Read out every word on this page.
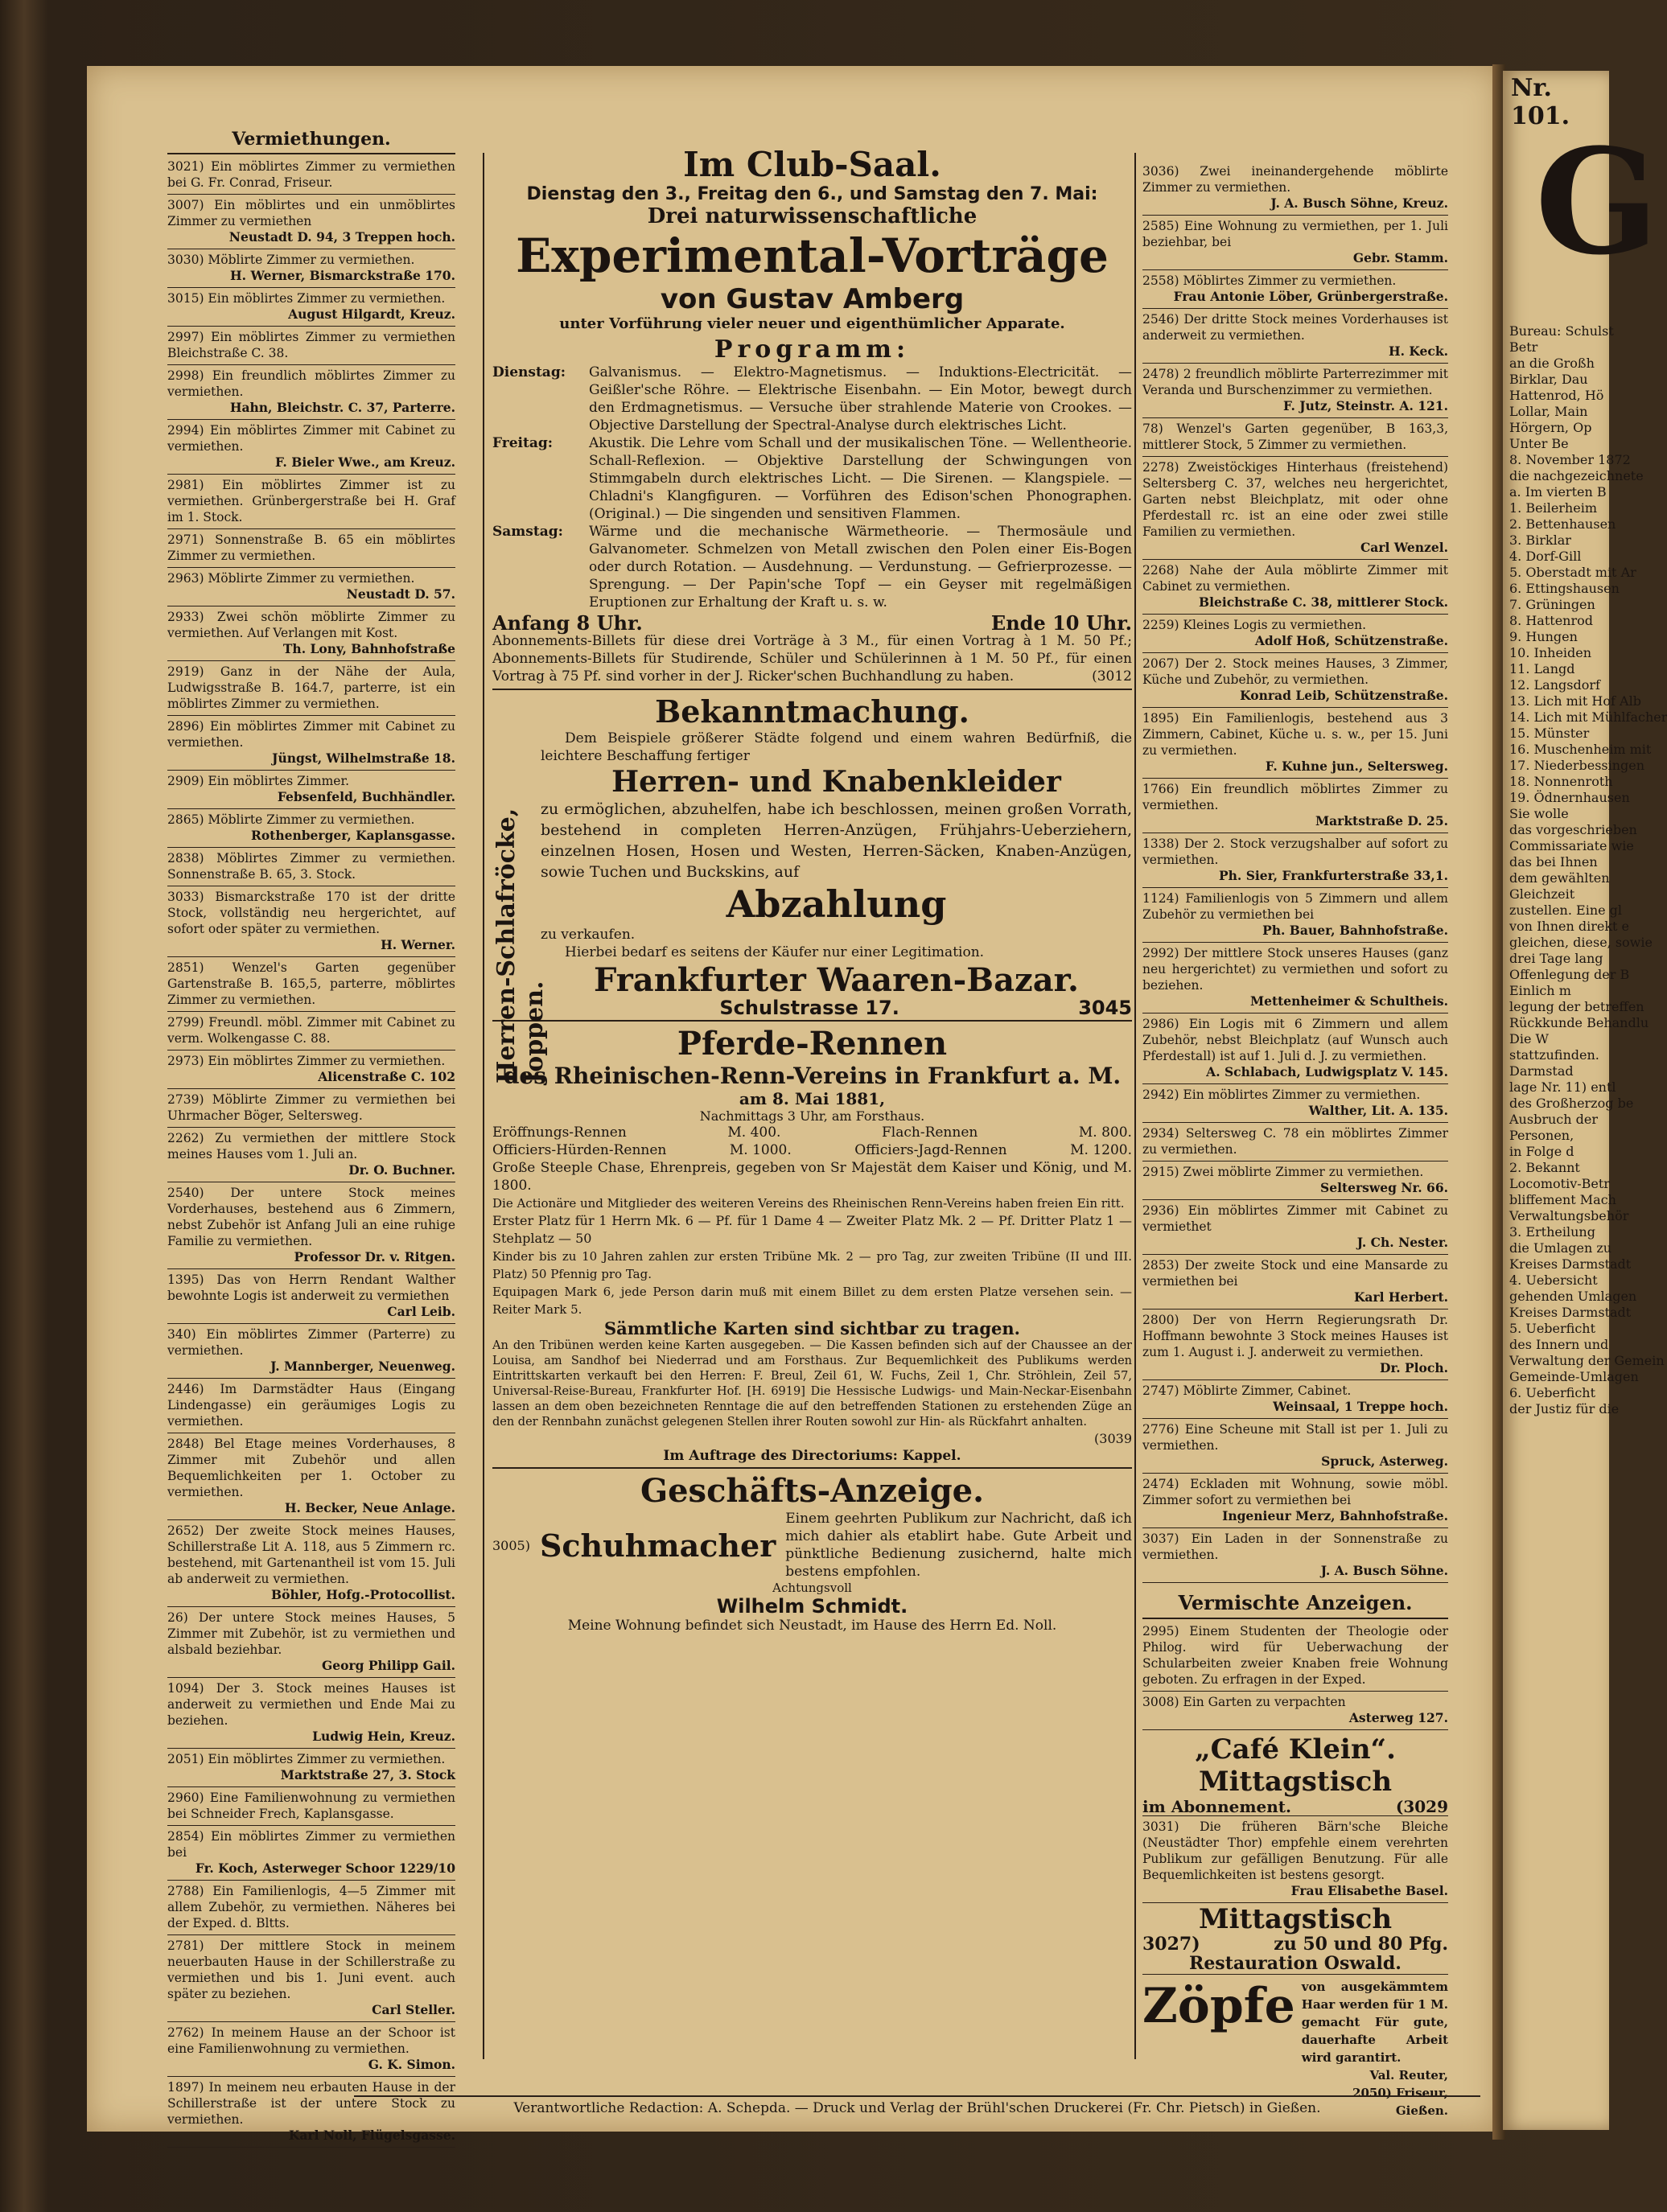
Nr. 101.
G
Bureau: Schulst
Betr
an die Großh
Birklar, Dau
Hattenrod, Hö
Lollar, Main
Hörgern, Op
Unter Be
8. November 1872
die nachgezeichnete
a. Im vierten B
1. Beilerheim
2. Bettenhausen
3. Birklar
4. Dorf-Gill
5. Oberstadt mit Ar
6. Ettingshausen
7. Grüningen
8. Hattenrod
9. Hungen
10. Inheiden
11. Langd
12. Langsdorf
13. Lich mit Hof Alb
14. Lich mit Mühlfacher
15. Münster
16. Muschenheim mit
17. Niederbessingen
18. Nonnenroth
19. Ödnernhausen
Sie wolle
das vorgeschrieben
Commissariate wie
das bei Ihnen
dem gewählten
Gleichzeit
zustellen. Eine gl
von Ihnen direkt e
gleichen, diese, sowie
drei Tage lang
Offenlegung der B
Einlich m
legung der betreffen
Rückkunde Behandlu
Die W
stattzufinden.
Darmstad
lage Nr. 11) entl
des Großherzog be
Ausbruch der
Personen,
in Folge d
2. Bekannt
Locomotiv-Betr
bliffement Mach
Verwaltungsbehör
3. Ertheilung
die Umlagen zu
Kreises Darmstadt
4. Uebersicht
gehenden Umlagen
Kreises Darmstadt
5. Ueberficht
des Innern und
Verwaltung der Gemein
Gemeinde-Umlagen
6. Ueberficht
der Justiz für die
Vermiethungen.
3021) Ein möblirtes Zimmer zu vermiethen bei G. Fr. Conrad, Friseur.
3007) Ein möblirtes und ein unmöblirtes Zimmer zu vermiethen
Neustadt D. 94, 3 Treppen hoch.
3030) Möblirte Zimmer zu vermiethen.
H. Werner, Bismarckstraße 170.
3015) Ein möblirtes Zimmer zu vermiethen.
August Hilgardt, Kreuz.
2997) Ein möblirtes Zimmer zu vermiethen Bleichstraße C. 38.
2998) Ein freundlich möblirtes Zimmer zu vermiethen.
Hahn, Bleichstr. C. 37, Parterre.
2994) Ein möblirtes Zimmer mit Cabinet zu vermiethen.
F. Bieler Wwe., am Kreuz.
2981) Ein möblirtes Zimmer ist zu vermiethen. Grünbergerstraße bei H. Graf im 1. Stock.
2971) Sonnenstraße B. 65 ein möblirtes Zimmer zu vermiethen.
2963) Möblirte Zimmer zu vermiethen.
Neustadt D. 57.
2933) Zwei schön möblirte Zimmer zu vermiethen. Auf Verlangen mit Kost.
Th. Lony, Bahnhofstraße
2919) Ganz in der Nähe der Aula, Ludwigsstraße B. 164.7, parterre, ist ein möblirtes Zimmer zu vermiethen.
2896) Ein möblirtes Zimmer mit Cabinet zu vermiethen.
Jüngst, Wilhelmstraße 18.
2909) Ein möblirtes Zimmer.
Febsenfeld, Buchhändler.
2865) Möblirte Zimmer zu vermiethen.
Rothenberger, Kaplansgasse.
2838) Möblirtes Zimmer zu vermiethen. Sonnenstraße B. 65, 3. Stock.
3033) Bismarckstraße 170 ist der dritte Stock, vollständig neu hergerichtet, auf sofort oder später zu vermiethen.
H. Werner.
2851) Wenzel's Garten gegenüber Gartenstraße B. 165,5, parterre, möblirtes Zimmer zu vermiethen.
2799) Freundl. möbl. Zimmer mit Cabinet zu verm. Wolkengasse C. 88.
2973) Ein möblirtes Zimmer zu vermiethen.
Alicenstraße C. 102
2739) Möblirte Zimmer zu vermiethen bei Uhrmacher Böger, Seltersweg.
2262) Zu vermiethen der mittlere Stock meines Hauses vom 1. Juli an.
Dr. O. Buchner.
2540) Der untere Stock meines Vorderhauses, bestehend aus 6 Zimmern, nebst Zubehör ist Anfang Juli an eine ruhige Familie zu vermiethen.
Professor Dr. v. Ritgen.
1395) Das von Herrn Rendant Walther bewohnte Logis ist anderweit zu vermiethen
Carl Leib.
340) Ein möblirtes Zimmer (Parterre) zu vermiethen.
J. Mannberger, Neuenweg.
2446) Im Darmstädter Haus (Eingang Lindengasse) ein geräumiges Logis zu vermiethen.
2848) Bel Etage meines Vorderhauses, 8 Zimmer mit Zubehör und allen Bequemlichkeiten per 1. October zu vermiethen.
H. Becker, Neue Anlage.
2652) Der zweite Stock meines Hauses, Schillerstraße Lit A. 118, aus 5 Zimmern rc. bestehend, mit Gartenantheil ist vom 15. Juli ab anderweit zu vermiethen.
Böhler, Hofg.-Protocollist.
26) Der untere Stock meines Hauses, 5 Zimmer mit Zubehör, ist zu vermiethen und alsbald beziehbar.
Georg Philipp Gail.
1094) Der 3. Stock meines Hauses ist anderweit zu vermiethen und Ende Mai zu beziehen.
Ludwig Hein, Kreuz.
2051) Ein möblirtes Zimmer zu vermiethen.
Marktstraße 27, 3. Stock
2960) Eine Familienwohnung zu vermiethen bei Schneider Frech, Kaplansgasse.
2854) Ein möblirtes Zimmer zu vermiethen bei
Fr. Koch, Asterweger Schoor 1229/10
2788) Ein Familienlogis, 4—5 Zimmer mit allem Zubehör, zu vermiethen. Näheres bei der Exped. d. Bltts.
2781) Der mittlere Stock in meinem neuerbauten Hause in der Schillerstraße zu vermiethen und bis 1. Juni event. auch später zu beziehen.
Carl Steller.
2762) In meinem Hause an der Schoor ist eine Familienwohnung zu vermiethen.
G. K. Simon.
1897) In meinem neu erbauten Hause in der Schillerstraße ist der untere Stock zu vermiethen.
Karl Noll, Flügelsgasse.
Im Club-Saal.
Dienstag den 3., Freitag den 6., und Samstag den 7. Mai:
Drei naturwissenschaftliche
Experimental-Vorträge
von Gustav Amberg
unter Vorführung vieler neuer und eigenthümlicher Apparate.
Programm:
Dienstag:	Galvanismus. — Elektro-Magnetismus. — Induktions-Electricität. — Geißler'sche Röhre. — Elektrische Eisenbahn. — Ein Motor, bewegt durch den Erdmagnetismus. — Versuche über strahlende Materie von Crookes. — Objective Darstellung der Spectral-Analyse durch elektrisches Licht.
Freitag:	Akustik. Die Lehre vom Schall und der musikalischen Töne. — Wellentheorie. Schall-Reflexion. — Objektive Darstellung der Schwingungen von Stimmgabeln durch elektrisches Licht. — Die Sirenen. — Klangspiele. — Chladni's Klangfiguren. — Vorführen des Edison'schen Phonographen. (Original.) — Die singenden und sensitiven Flammen.
Samstag:	Wärme und die mechanische Wärmetheorie. — Thermosäule und Galvanometer. Schmelzen von Metall zwischen den Polen einer Eis-Bogen oder durch Rotation. — Ausdehnung. — Verdunstung. — Gefrierprozesse. — Sprengung. — Der Papin'sche Topf — ein Geyser mit regelmäßigen Eruptionen zur Erhaltung der Kraft u. s. w.
Anfang 8 Uhr.	Ende 10 Uhr.
Abonnements-Billets für diese drei Vorträge à 3 M., für einen Vortrag à 1 M. 50 Pf.; Abonnements-Billets für Studirende, Schüler und Schülerinnen à 1 M. 50 Pf., für einen Vortrag à 75 Pf. sind vorher in der J. Ricker'schen Buchhandlung zu haben.	(3012
Bekanntmachung.
Herren-Schlafröcke, Joppen.
Dem Beispiele größerer Städte folgend und einem wahren Bedürfniß, die leichtere Beschaffung fertiger
Herren- und Knabenkleider
zu ermöglichen, abzuhelfen, habe ich beschlossen, meinen großen Vorrath, bestehend in completen Herren-Anzügen, Frühjahrs-Ueberziehern, einzelnen Hosen, Hosen und Westen, Herren-Säcken, Knaben-Anzügen, sowie Tuchen und Buckskins, auf
Abzahlung
zu verkaufen.
Hierbei bedarf es seitens der Käufer nur einer Legitimation.
Frankfurter Waaren-Bazar.
Schulstrasse 17.	3045
Pferde-Rennen
des Rheinischen-Renn-Vereins in Frankfurt a. M.
am 8. Mai 1881,
Nachmittags 3 Uhr, am Forsthaus.
Eröffnungs-Rennen	M. 400.	Flach-Rennen	M. 800.
Officiers-Hürden-Rennen	M. 1000.	Officiers-Jagd-Rennen	M. 1200.
Große Steeple Chase, Ehrenpreis, gegeben von Sr Majestät dem Kaiser und König, und M. 1800.
Die Actionäre und Mitglieder des weiteren Vereins des Rheinischen Renn-Vereins haben freien Ein ritt.
Erster Platz für 1 Herrn Mk. 6 — Pf. für 1 Dame 4 — Zweiter Platz Mk. 2 — Pf. Dritter Platz 1 — Stehplatz — 50
Kinder bis zu 10 Jahren zahlen zur ersten Tribüne Mk. 2 — pro Tag, zur zweiten Tribüne (II und III. Platz) 50 Pfennig pro Tag.
Equipagen Mark 6, jede Person darin muß mit einem Billet zu dem ersten Platze versehen sein. — Reiter Mark 5.
Sämmtliche Karten sind sichtbar zu tragen.
An den Tribünen werden keine Karten ausgegeben. — Die Kassen befinden sich auf der Chaussee an der Louisa, am Sandhof bei Niederrad und am Forsthaus. Zur Bequemlichkeit des Publikums werden Eintrittskarten verkauft bei den Herren: F. Breul, Zeil 61, W. Fuchs, Zeil 1, Chr. Ströhlein, Zeil 57, Universal-Reise-Bureau, Frankfurter Hof. [H. 6919] Die Hessische Ludwigs- und Main-Neckar-Eisenbahn lassen an dem oben bezeichneten Renntage die auf den betreffenden Stationen zu erstehenden Züge an den der Rennbahn zunächst gelegenen Stellen ihrer Routen sowohl zur Hin- als Rückfahrt anhalten.
(3039
Im Auftrage des Directoriums: Kappel.
Geschäfts-Anzeige.
3005) Schuhmacher
Einem geehrten Publikum zur Nachricht, daß ich mich dahier als etablirt habe. Gute Arbeit und pünktliche Bedienung zusichernd, halte mich bestens empfohlen.
Achtungsvoll
Wilhelm Schmidt.
Meine Wohnung befindet sich Neustadt, im Hause des Herrn Ed. Noll.
3036) Zwei ineinandergehende möblirte Zimmer zu vermiethen.
J. A. Busch Söhne, Kreuz.
2585) Eine Wohnung zu vermiethen, per 1. Juli beziehbar, bei
Gebr. Stamm.
2558) Möblirtes Zimmer zu vermiethen.
Frau Antonie Löber, Grünbergerstraße.
2546) Der dritte Stock meines Vorderhauses ist anderweit zu vermiethen.
H. Keck.
2478) 2 freundlich möblirte Parterrezimmer mit Veranda und Burschenzimmer zu vermiethen.
F. Jutz, Steinstr. A. 121.
78) Wenzel's Garten gegenüber, B 163,3, mittlerer Stock, 5 Zimmer zu vermiethen.
2278) Zweistöckiges Hinterhaus (freistehend) Seltersberg C. 37, welches neu hergerichtet, Garten nebst Bleichplatz, mit oder ohne Pferdestall rc. ist an eine oder zwei stille Familien zu vermiethen.
Carl Wenzel.
2268) Nahe der Aula möblirte Zimmer mit Cabinet zu vermiethen.
Bleichstraße C. 38, mittlerer Stock.
2259) Kleines Logis zu vermiethen.
Adolf Hoß, Schützenstraße.
2067) Der 2. Stock meines Hauses, 3 Zimmer, Küche und Zubehör, zu vermiethen.
Konrad Leib, Schützenstraße.
1895) Ein Familienlogis, bestehend aus 3 Zimmern, Cabinet, Küche u. s. w., per 15. Juni zu vermiethen.
F. Kuhne jun., Seltersweg.
1766) Ein freundlich möblirtes Zimmer zu vermiethen.
Marktstraße D. 25.
1338) Der 2. Stock verzugshalber auf sofort zu vermiethen.
Ph. Sier, Frankfurterstraße 33,1.
1124) Familienlogis von 5 Zimmern und allem Zubehör zu vermiethen bei
Ph. Bauer, Bahnhofstraße.
2992) Der mittlere Stock unseres Hauses (ganz neu hergerichtet) zu vermiethen und sofort zu beziehen.
Mettenheimer & Schultheis.
2986) Ein Logis mit 6 Zimmern und allem Zubehör, nebst Bleichplatz (auf Wunsch auch Pferdestall) ist auf 1. Juli d. J. zu vermiethen.
A. Schlabach, Ludwigsplatz V. 145.
2942) Ein möblirtes Zimmer zu vermiethen.
Walther, Lit. A. 135.
2934) Seltersweg C. 78 ein möblirtes Zimmer zu vermiethen.
2915) Zwei möblirte Zimmer zu vermiethen.
Seltersweg Nr. 66.
2936) Ein möblirtes Zimmer mit Cabinet zu vermiethet
J. Ch. Nester.
2853) Der zweite Stock und eine Mansarde zu vermiethen bei
Karl Herbert.
2800) Der von Herrn Regierungsrath Dr. Hoffmann bewohnte 3 Stock meines Hauses ist zum 1. August i. J. anderweit zu vermiethen.
Dr. Ploch.
2747) Möblirte Zimmer, Cabinet.
Weinsaal, 1 Treppe hoch.
2776) Eine Scheune mit Stall ist per 1. Juli zu vermiethen.
Spruck, Asterweg.
2474) Eckladen mit Wohnung, sowie möbl. Zimmer sofort zu vermiethen bei
Ingenieur Merz, Bahnhofstraße.
3037) Ein Laden in der Sonnenstraße zu vermiethen.
J. A. Busch Söhne.
Vermischte Anzeigen.
2995) Einem Studenten der Theologie oder Philog. wird für Ueberwachung der Schularbeiten zweier Knaben freie Wohnung geboten. Zu erfragen in der Exped.
3008) Ein Garten zu verpachten
Asterweg 127.
„Café Klein“.
Mittagstisch
im Abonnement.	(3029
3031) Die früheren Bärn'sche Bleiche (Neustädter Thor) empfehle einem verehrten Publikum zur gefälligen Benutzung. Für alle Bequemlichkeiten ist bestens gesorgt.
Frau Elisabethe Basel.
Mittagstisch
3027)	zu 50 und 80 Pfg.
Restauration Oswald.
Zöpfe von ausgekämmtem Haar werden für 1 M. gemacht Für gute, dauerhafte Arbeit wird garantirt.
Val. Reuter,
2050) Friseur, Gießen.
Verantwortliche Redaction: A. Schepda. — Druck und Verlag der Brühl'schen Druckerei (Fr. Chr. Pietsch) in Gießen.
